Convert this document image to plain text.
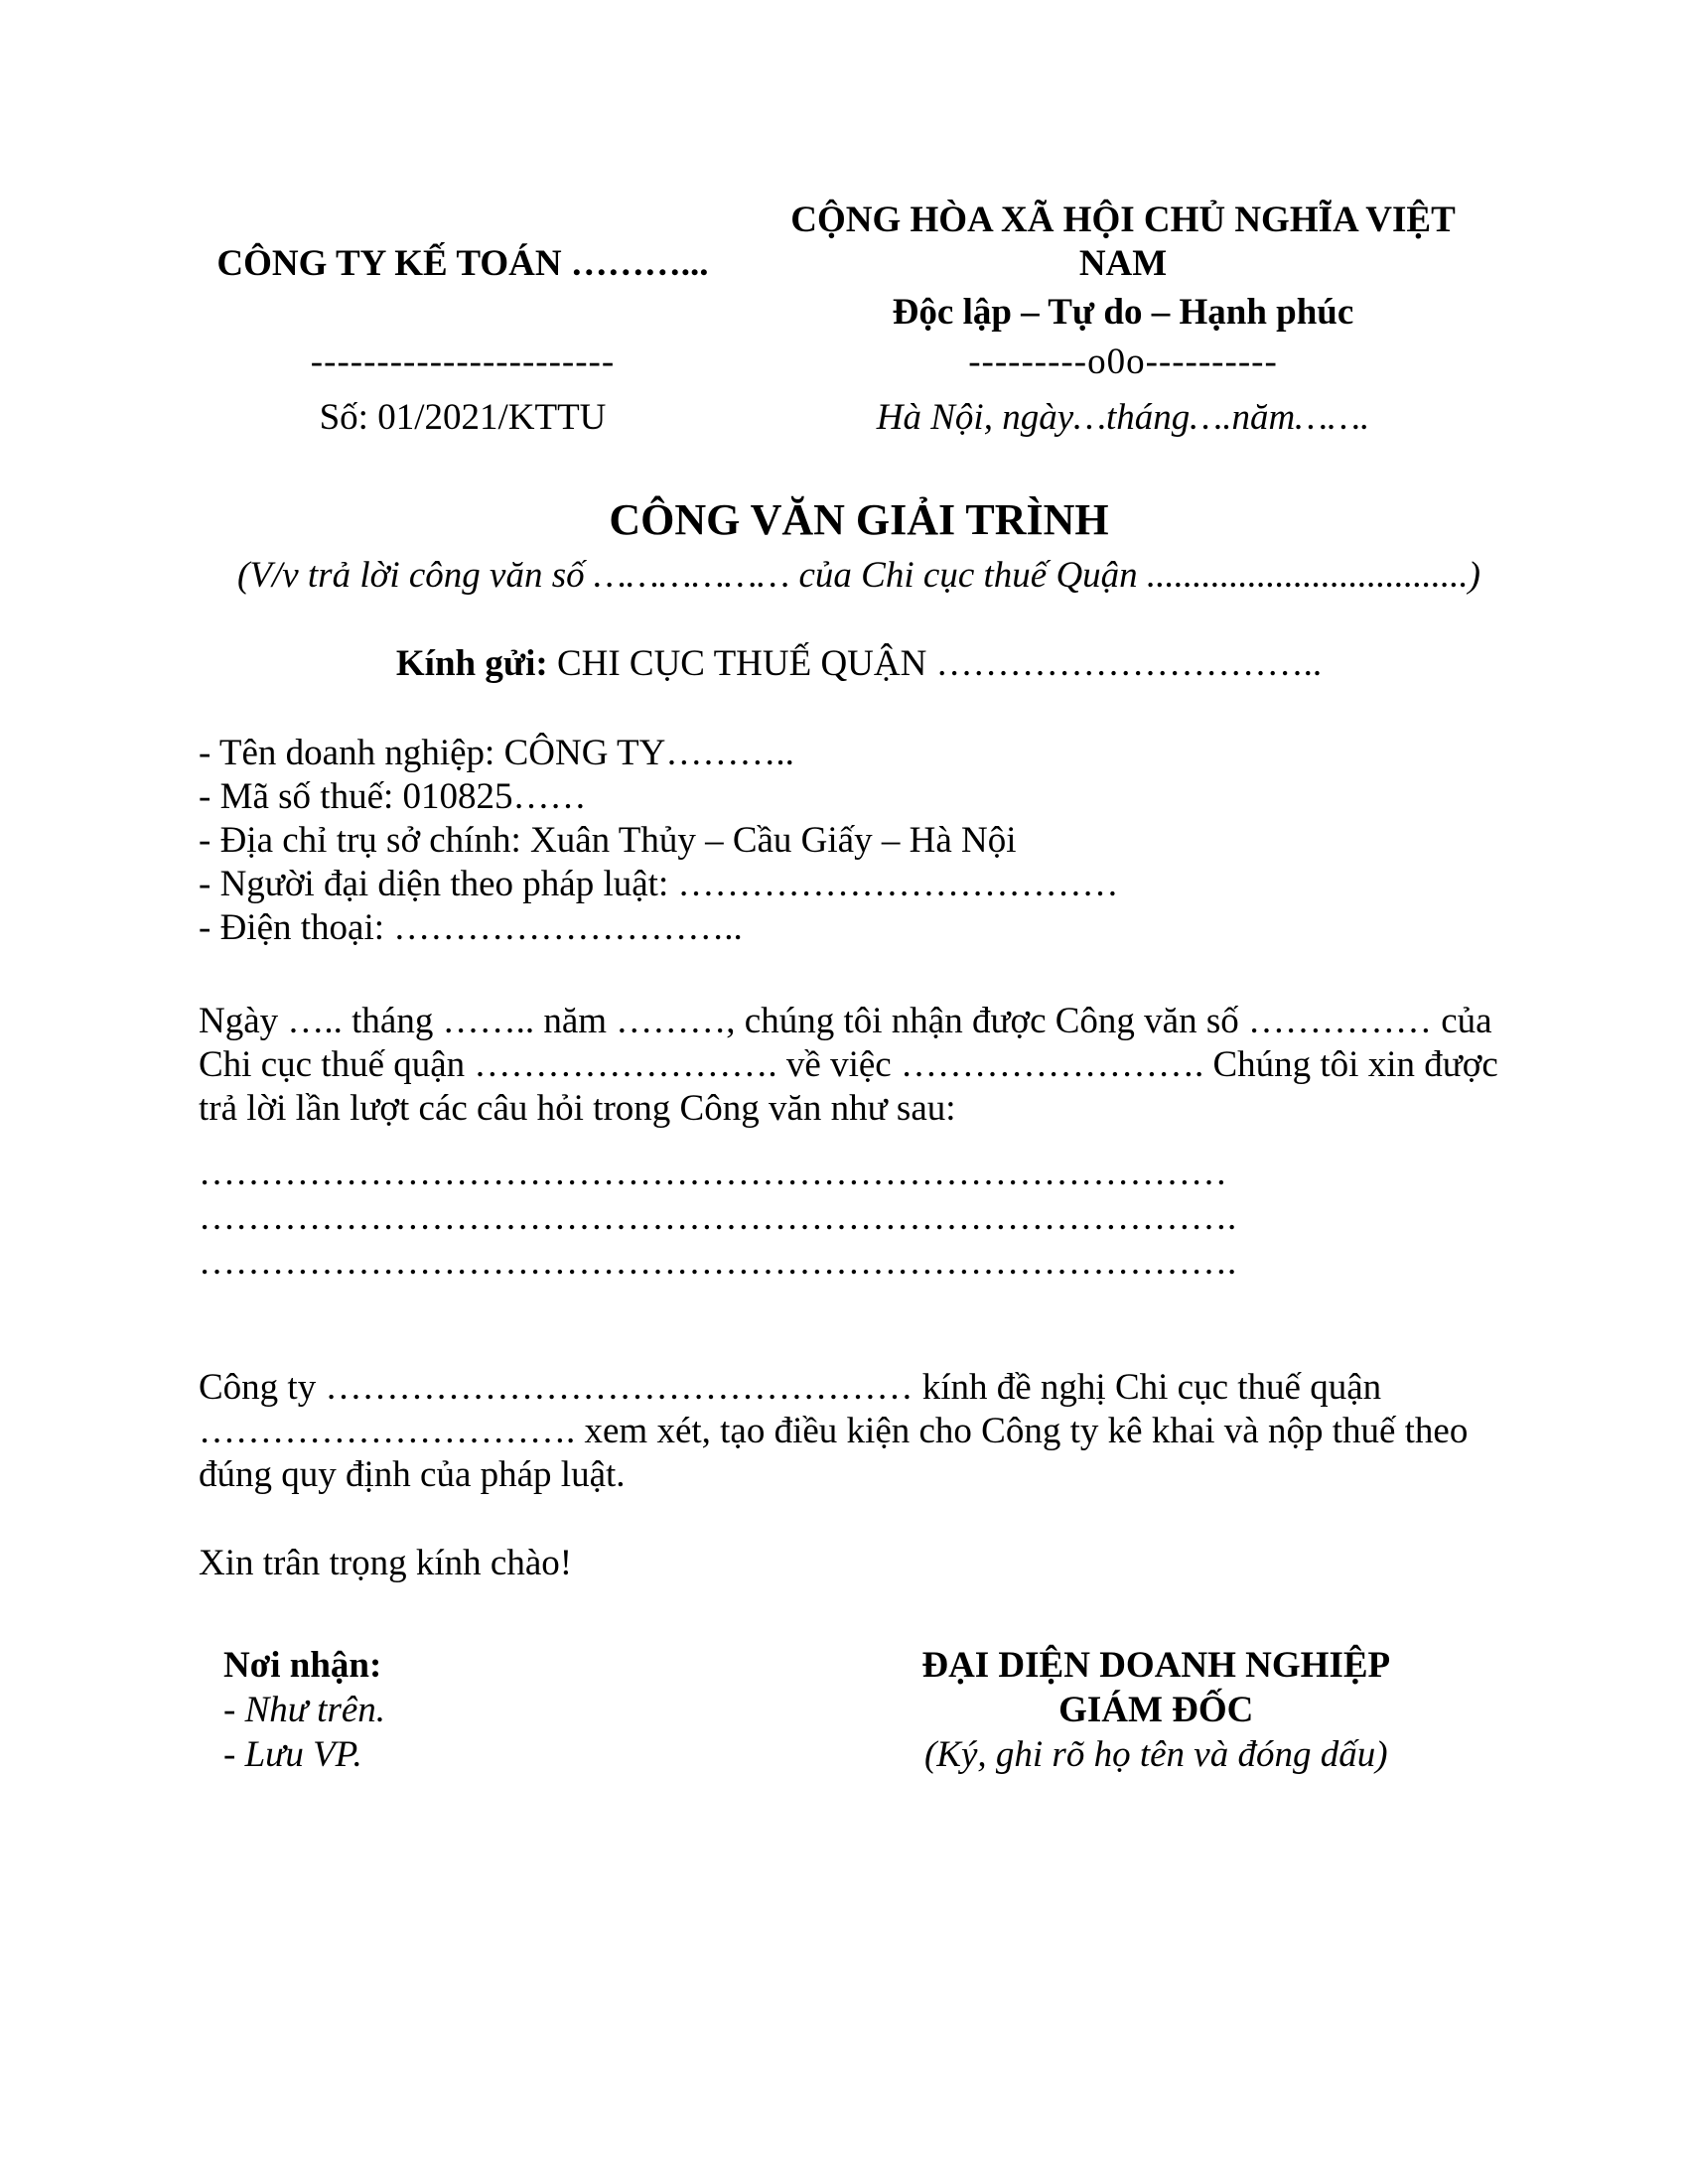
CÔNG TY KẾ TOÁN ………...
-----------------------
Số: 01/2021/KTTU
CỘNG HÒA XÃ HỘI CHỦ NGHĨA VIỆT
NAM
Độc lập – Tự do – Hạnh phúc
---------o0o----------
Hà Nội, ngày…tháng….năm…….
CÔNG VĂN GIẢI TRÌNH
(V/v trả lời công văn số ……………… của Chi cục thuế Quận ...................................)
Kính gửi: CHI CỤC THUẾ QUẬN …………………………..
- Tên doanh nghiệp: CÔNG TY………..
- Mã số thuế: 010825……
- Địa chỉ trụ sở chính: Xuân Thủy – Cầu Giấy – Hà Nội
- Người đại diện theo pháp luật: ………………………………
- Điện thoại: ………………………..
Ngày ….. tháng …….. năm ………, chúng tôi nhận được Công văn số …………… của Chi cục thuế quận ……………………. về việc ……………………. Chúng tôi xin được trả lời lần lượt các câu hỏi trong Công văn như sau:
…………………………………………………………………………
………………………………………………………………………….
………………………………………………………………………….
Công ty ………………………………………… kính đề nghị Chi cục thuế quận …………………………. xem xét, tạo điều kiện cho Công ty kê khai và nộp thuế theo đúng quy định của pháp luật.
Xin trân trọng kính chào!
Nơi nhận:
- Như trên.
- Lưu VP.
ĐẠI DIỆN DOANH NGHIỆP
GIÁM ĐỐC
(Ký, ghi rõ họ tên và đóng dấu)
